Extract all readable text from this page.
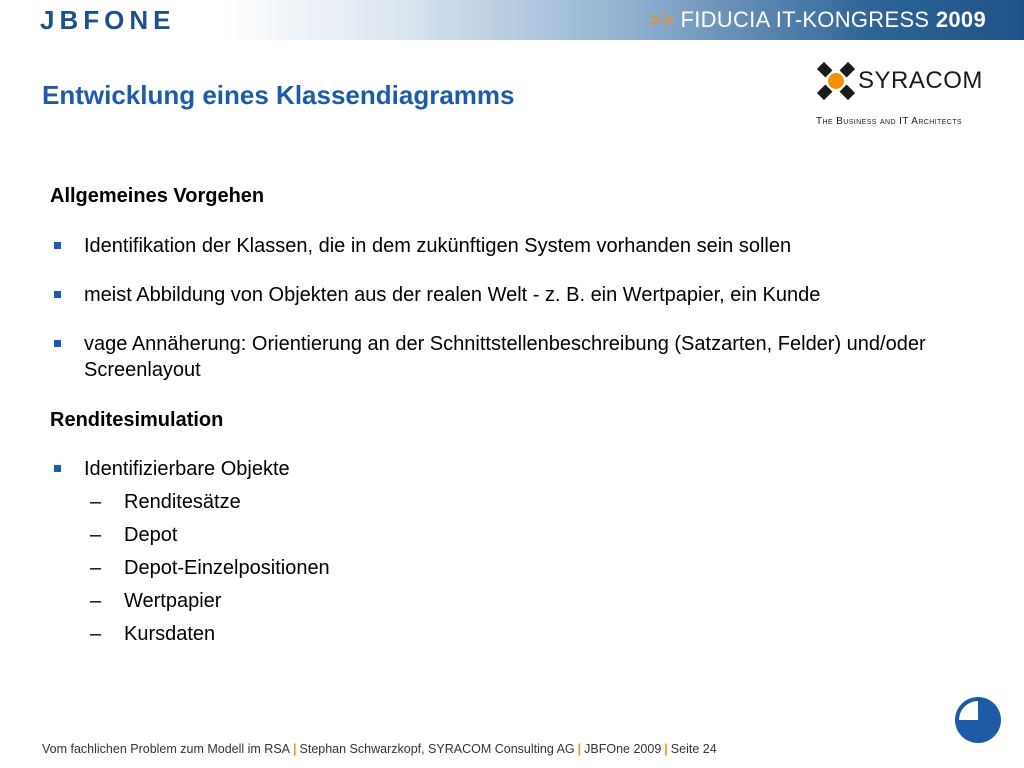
JBFONE	>> FIDUCIA IT-KONGRESS 2009
Entwicklung eines Klassendiagramms	SYRACOM
The Business and IT Architects
Allgemeines Vorgehen
Identifikation der Klassen, die in dem zukünftigen System vorhanden sein sollen
meist Abbildung von Objekten aus der realen Welt - z. B. ein Wertpapier, ein Kunde
vage Annäherung: Orientierung an der Schnittstellenbeschreibung (Satzarten, Felder) und/oder Screenlayout
Renditesimulation
Identifizierbare Objekte
– Renditesätze
– Depot
– Depot-Einzelpositionen
– Wertpapier
– Kursdaten
Vom fachlichen Problem zum Modell im RSA | Stephan Schwarzkopf, SYRACOM Consulting AG | JBFOne 2009 | Seite 24
